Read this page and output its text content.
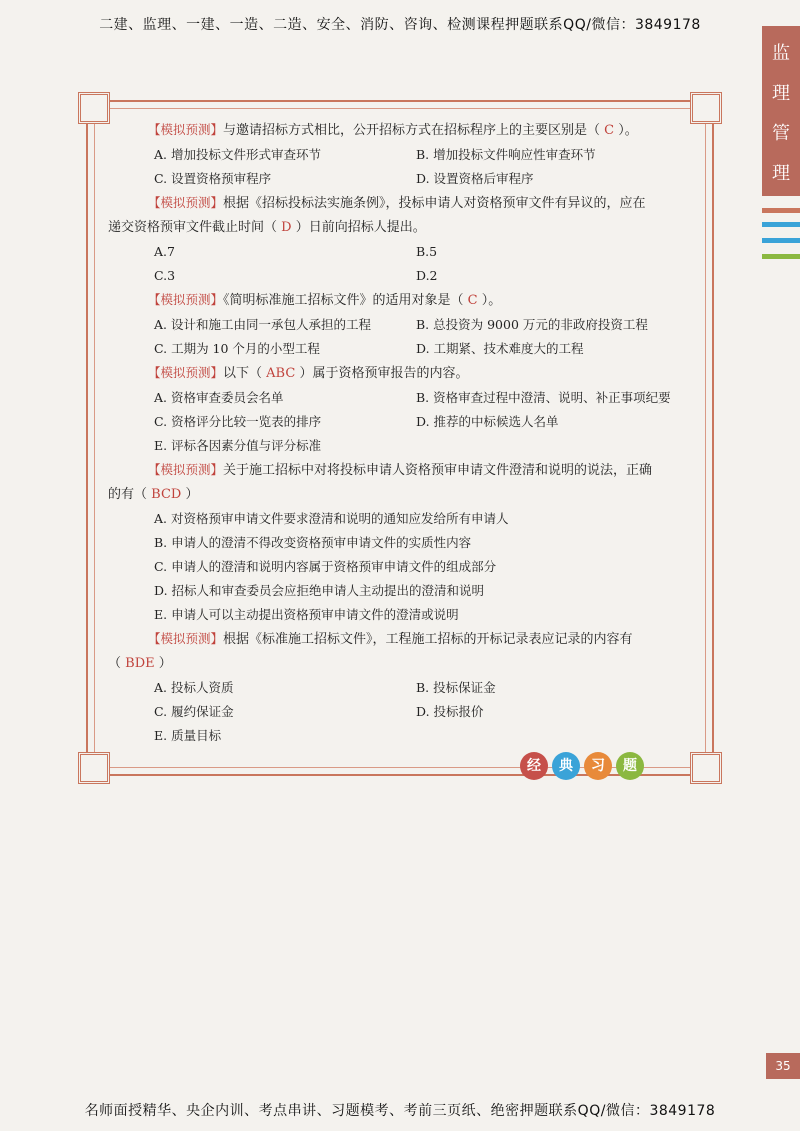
二建、监理、一建、一造、二造、安全、消防、咨询、检测课程押题联系QQ/微信：3849178
监
理
管
理
【模拟预测】与邀请招标方式相比，公开招标方式在招标程序上的主要区别是（ C ）。
A. 增加投标文件形式审查环节	B. 增加投标文件响应性审查环节
C. 设置资格预审程序	D. 设置资格后审程序
【模拟预测】根据《招标投标法实施条例》，投标申请人对资格预审文件有异议的，应在
递交资格预审文件截止时间（ D ）日前向招标人提出。
A.7	B.5
C.3	D.2
【模拟预测】《简明标准施工招标文件》的适用对象是（ C ）。
A. 设计和施工由同一承包人承担的工程	B. 总投资为 9000 万元的非政府投资工程
C. 工期为 10 个月的小型工程	D. 工期紧、技术难度大的工程
【模拟预测】以下（ ABC ）属于资格预审报告的内容。
A. 资格审查委员会名单	B. 资格审查过程中澄清、说明、补正事项纪要
C. 资格评分比较一览表的排序	D. 推荐的中标候选人名单
E. 评标各因素分值与评分标准
【模拟预测】关于施工招标中对将投标申请人资格预审申请文件澄清和说明的说法，正确
的有（ BCD ）
A. 对资格预审申请文件要求澄清和说明的通知应发给所有申请人
B. 申请人的澄清不得改变资格预审申请文件的实质性内容
C. 申请人的澄清和说明内容属于资格预审申请文件的组成部分
D. 招标人和审查委员会应拒绝申请人主动提出的澄清和说明
E. 申请人可以主动提出资格预审申请文件的澄清或说明
【模拟预测】根据《标准施工招标文件》，工程施工招标的开标记录表应记录的内容有
（ BDE ）
A. 投标人资质	B. 投标保证金
C. 履约保证金	D. 投标报价
E. 质量目标
经	典	习	题
35
名师面授精华、央企内训、考点串讲、习题模考、考前三页纸、绝密押题联系QQ/微信：3849178
